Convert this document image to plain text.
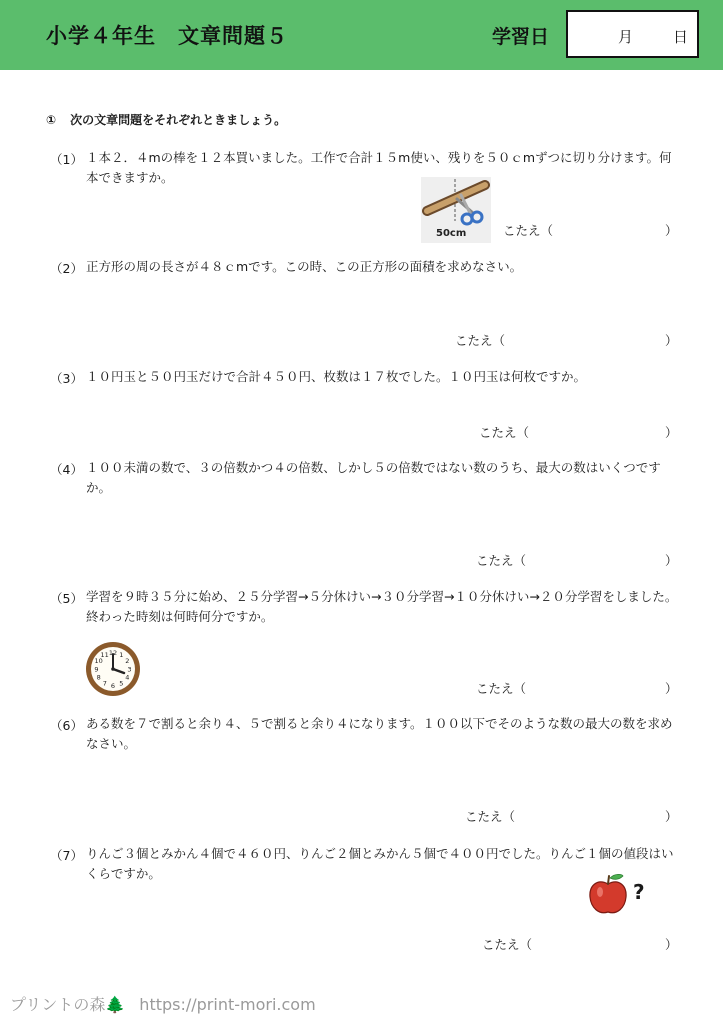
小学４年生　文章問題５	学習日	月	日
① 次の文章問題をそれぞれときましょう。
（1） １本２．４mの棒を１２本買いました。工作で合計１５m使い、残りを５０ｃmずつに切り分けます。何本できますか。
50cm	こたえ（	）
（2） 正方形の周の長さが４８ｃmです。この時、この正方形の面積を求めなさい。
こたえ（	）
（3） １０円玉と５０円玉だけで合計４５０円、枚数は１７枚でした。１０円玉は何枚ですか。
こたえ（	）
（4） １００未満の数で、３の倍数かつ４の倍数、しかし５の倍数ではない数のうち、最大の数はいくつですか。
こたえ（	）
（5） 学習を９時３５分に始め、２５分学習→５分休けい→３０分学習→１０分休けい→２０分学習をしました。終わった時刻は何時何分ですか。
11
10
9
8
7 6 5
4
3
2
1
12
こたえ（	）
（6） ある数を７で割ると余り４、５で割ると余り４になります。１００以下でそのような数の最大の数を求めなさい。
こたえ（	）
（7） りんご３個とみかん４個で４６０円、りんご２個とみかん５個で４００円でした。りんご１個の値段はいくらですか。
?
こたえ（	）
プリントの森🌲 https://print-mori.com
